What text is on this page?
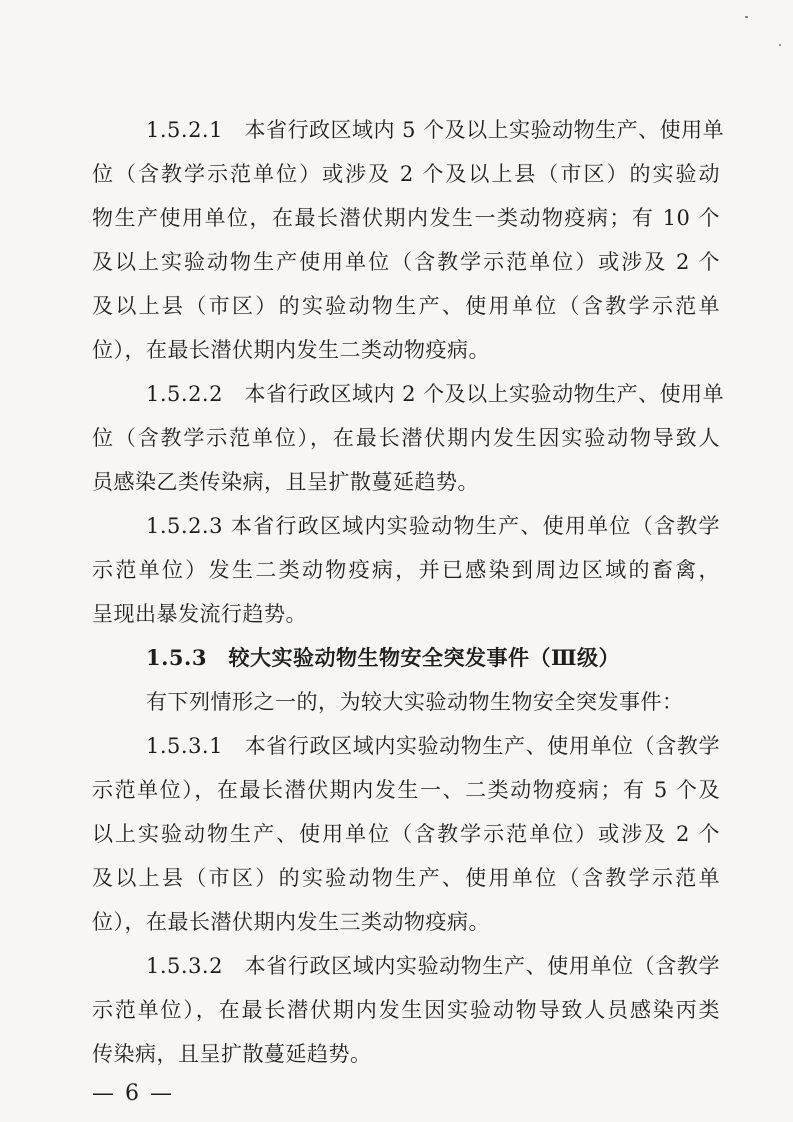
1.5.2.1　本省行政区域内 5 个及以上实验动物生产、使用单
位（含教学示范单位）或涉及 2 个及以上县（市区）的实验动
物生产使用单位，在最长潜伏期内发生一类动物疫病；有 10 个
及以上实验动物生产使用单位（含教学示范单位）或涉及 2 个
及以上县（市区）的实验动物生产、使用单位（含教学示范单
位），在最长潜伏期内发生二类动物疫病。
1.5.2.2　本省行政区域内 2 个及以上实验动物生产、使用单
位（含教学示范单位），在最长潜伏期内发生因实验动物导致人
员感染乙类传染病，且呈扩散蔓延趋势。
1.5.2.3 本省行政区域内实验动物生产、使用单位（含教学
示范单位）发生二类动物疫病，并已感染到周边区域的畜禽，
呈现出暴发流行趋势。
1.5.3　较大实验动物生物安全突发事件（Ⅲ级）
有下列情形之一的，为较大实验动物生物安全突发事件：
1.5.3.1　本省行政区域内实验动物生产、使用单位（含教学
示范单位），在最长潜伏期内发生一、二类动物疫病；有 5 个及
以上实验动物生产、使用单位（含教学示范单位）或涉及 2 个
及以上县（市区）的实验动物生产、使用单位（含教学示范单
位），在最长潜伏期内发生三类动物疫病。
1.5.3.2　本省行政区域内实验动物生产、使用单位（含教学
示范单位），在最长潜伏期内发生因实验动物导致人员感染丙类
传染病，且呈扩散蔓延趋势。
— 6 —
